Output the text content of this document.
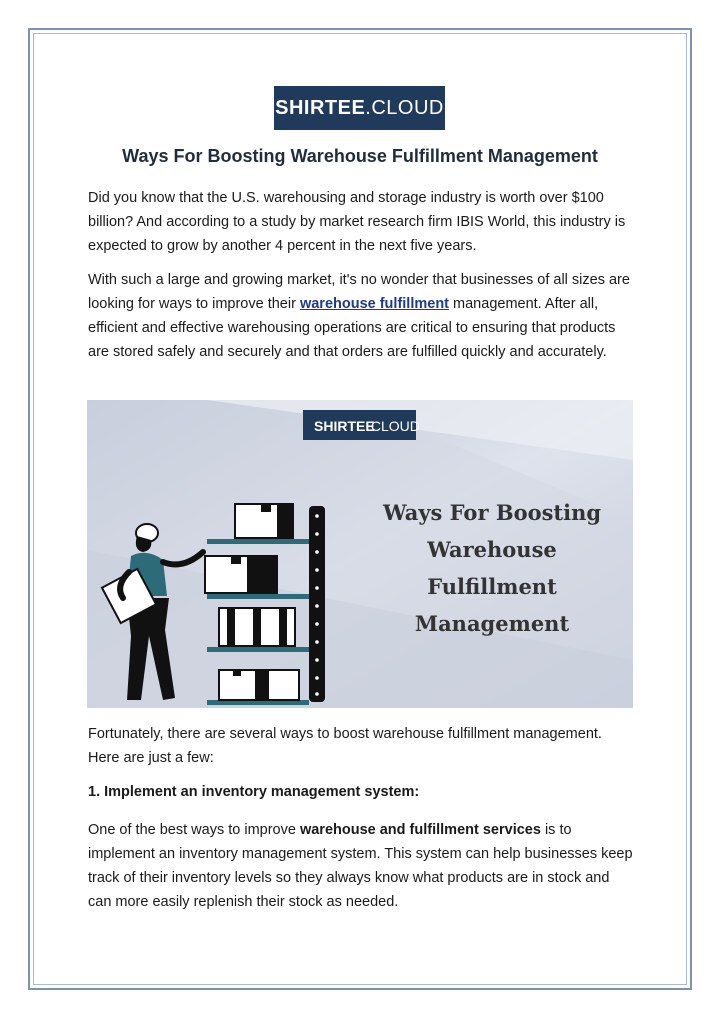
SHIRTEE .CLOUD
Ways For Boosting Warehouse Fulfillment Management

Did you know that the U.S. warehousing and storage industry is worth over $100 billion? And according to a study by market research firm IBIS World, this industry is expected to grow by another 4 percent in the next five years.

With such a large and growing market, it's no wonder that businesses of all sizes are looking for ways to improve their warehouse fulfillment management. After all, efficient and effective warehousing operations are critical to ensuring that products are stored safely and securely and that orders are fulfilled quickly and accurately.

SHIRTEE
.CLOUD
Ways For Boosting
Warehouse
Fulfillment
Management

Fortunately, there are several ways to boost warehouse fulfillment management. Here are just a few:

1. Implement an inventory management system:

One of the best ways to improve warehouse and fulfillment services is to implement an inventory management system. This system can help businesses keep track of their inventory levels so they always know what products are in stock and can more easily replenish their stock as needed.
